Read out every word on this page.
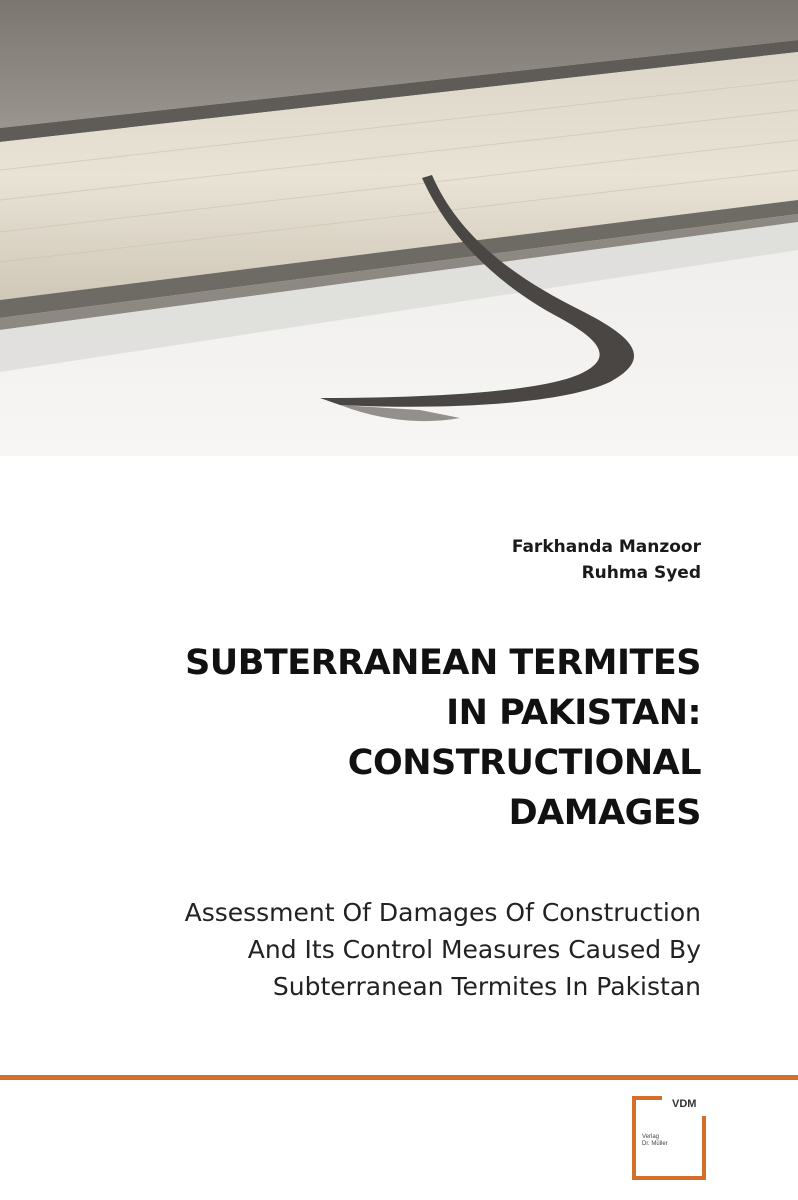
Farkhanda Manzoor
Ruhma Syed
SUBTERRANEAN TERMITES
IN PAKISTAN:
CONSTRUCTIONAL
DAMAGES
Assessment Of Damages Of Construction
And Its Control Measures Caused By
Subterranean Termites In Pakistan
VDM
Verlag
Dr. Müller
